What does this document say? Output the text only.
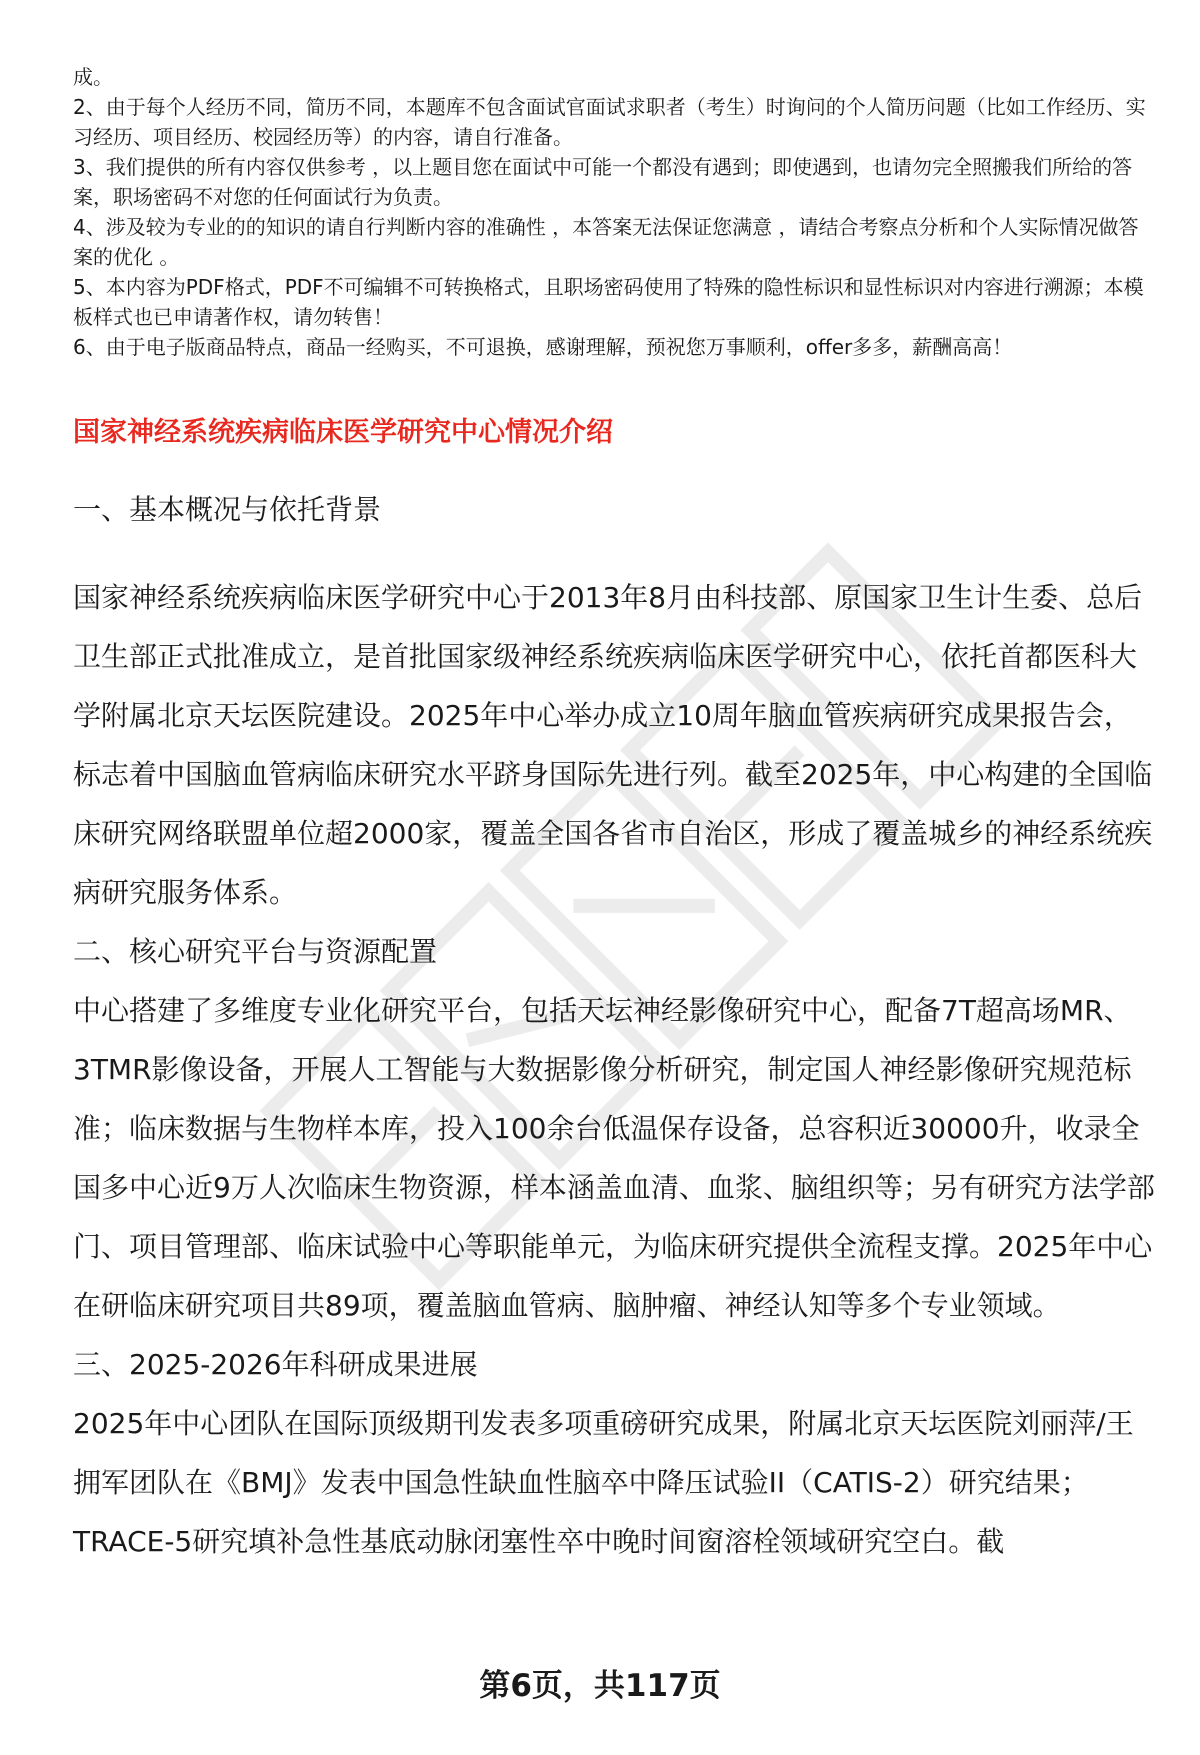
成。

2、由于每个人经历不同，简历不同，本题库不包含面试官面试求职者（考生）时询问的个人简历问题（比如工作经历、实习经历、项目经历、校园经历等）的内容，请自行准备。

3、我们提供的所有内容仅供参考 ，以上题目您在面试中可能一个都没有遇到；即使遇到，也请勿完全照搬我们所给的答案，职场密码不对您的任何面试行为负责。

4、涉及较为专业的的知识的请自行判断内容的准确性 ，本答案无法保证您满意 ，请结合考察点分析和个人实际情况做答案的优化 。

5、本内容为PDF格式，PDF不可编辑不可转换格式，且职场密码使用了特殊的隐性标识和显性标识对内容进行溯源；本模板样式也已申请著作权，请勿转售！

6、由于电子版商品特点，商品一经购买，不可退换，感谢理解，预祝您万事顺利，offer多多，薪酬高高！

国家神经系统疾病临床医学研究中心情况介绍

一、基本概况与依托背景

国家神经系统疾病临床医学研究中心于2013年8月由科技部、原国家卫生计生委、总后卫生部正式批准成立，是首批国家级神经系统疾病临床医学研究中心，依托首都医科大学附属北京天坛医院建设。2025年中心举办成立10周年脑血管疾病研究成果报告会，标志着中国脑血管病临床研究水平跻身国际先进行列。截至2025年，中心构建的全国临床研究网络联盟单位超2000家，覆盖全国各省市自治区，形成了覆盖城乡的神经系统疾病研究服务体系。

二、核心研究平台与资源配置

中心搭建了多维度专业化研究平台，包括天坛神经影像研究中心，配备7T超高场MR、3TMR影像设备，开展人工智能与大数据影像分析研究，制定国人神经影像研究规范标准；临床数据与生物样本库，投入100余台低温保存设备，总容积近30000升，收录全国多中心近9万人次临床生物资源，样本涵盖血清、血浆、脑组织等；另有研究方法学部门、项目管理部、临床试验中心等职能单元，为临床研究提供全流程支撑。2025年中心在研临床研究项目共89项，覆盖脑血管病、脑肿瘤、神经认知等多个专业领域。

三、2025-2026年科研成果进展

2025年中心团队在国际顶级期刊发表多项重磅研究成果，附属北京天坛医院刘丽萍/王拥军团队在《BMJ》发表中国急性缺血性脑卒中降压试验II（CATIS-2）研究结果；TRACE-5研究填补急性基底动脉闭塞性卒中晚时间窗溶栓领域研究空白。截

第6页，共117页
